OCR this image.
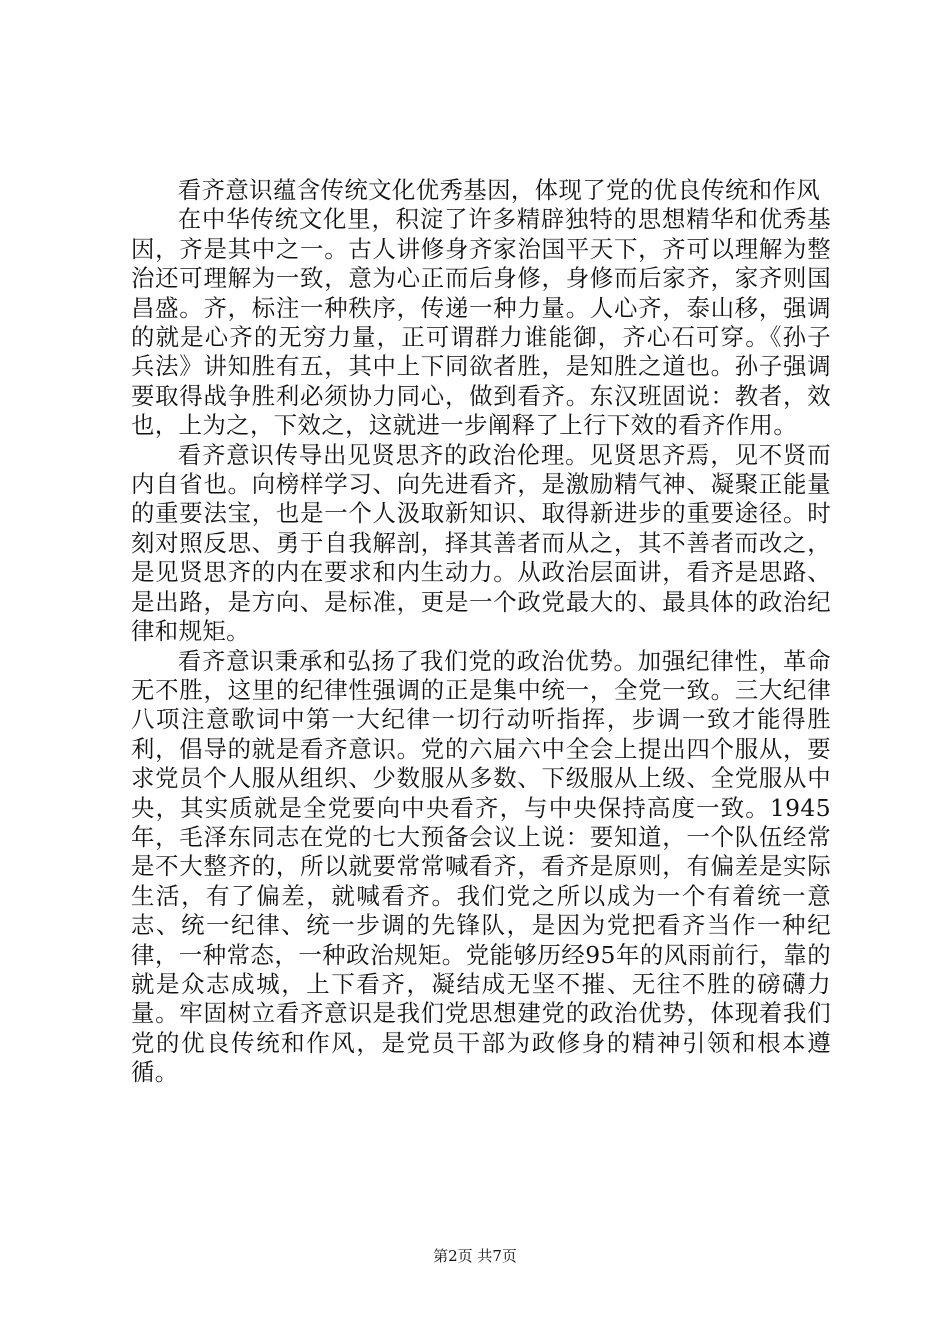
看齐意识蕴含传统文化优秀基因，体现了党的优良传统和作风

在中华传统文化里，积淀了许多精辟独特的思想精华和优秀基因，齐是其中之一。古人讲修身齐家治国平天下，齐可以理解为整治还可理解为一致，意为心正而后身修，身修而后家齐，家齐则国昌盛。齐，标注一种秩序，传递一种力量。人心齐，泰山移，强调的就是心齐的无穷力量，正可谓群力谁能御，齐心石可穿。《孙子兵法》讲知胜有五，其中上下同欲者胜，是知胜之道也。孙子强调要取得战争胜利必须协力同心，做到看齐。东汉班固说：教者，效也，上为之，下效之，这就进一步阐释了上行下效的看齐作用。

看齐意识传导出见贤思齐的政治伦理。见贤思齐焉，见不贤而内自省也。向榜样学习、向先进看齐，是激励精气神、凝聚正能量的重要法宝，也是一个人汲取新知识、取得新进步的重要途径。时刻对照反思、勇于自我解剖，择其善者而从之，其不善者而改之，是见贤思齐的内在要求和内生动力。从政治层面讲，看齐是思路、是出路，是方向、是标准，更是一个政党最大的、最具体的政治纪律和规矩。

看齐意识秉承和弘扬了我们党的政治优势。加强纪律性，革命无不胜，这里的纪律性强调的正是集中统一，全党一致。三大纪律八项注意歌词中第一大纪律一切行动听指挥，步调一致才能得胜利，倡导的就是看齐意识。党的六届六中全会上提出四个服从，要求党员个人服从组织、少数服从多数、下级服从上级、全党服从中央，其实质就是全党要向中央看齐，与中央保持高度一致。1945年，毛泽东同志在党的七大预备会议上说：要知道，一个队伍经常是不大整齐的，所以就要常常喊看齐，看齐是原则，有偏差是实际生活，有了偏差，就喊看齐。我们党之所以成为一个有着统一意志、统一纪律、统一步调的先锋队，是因为党把看齐当作一种纪律，一种常态，一种政治规矩。党能够历经95年的风雨前行，靠的就是众志成城，上下看齐，凝结成无坚不摧、无往不胜的磅礴力量。牢固树立看齐意识是我们党思想建党的政治优势，体现着我们党的优良传统和作风，是党员干部为政修身的精神引领和根本遵循。

第2页 共7页
